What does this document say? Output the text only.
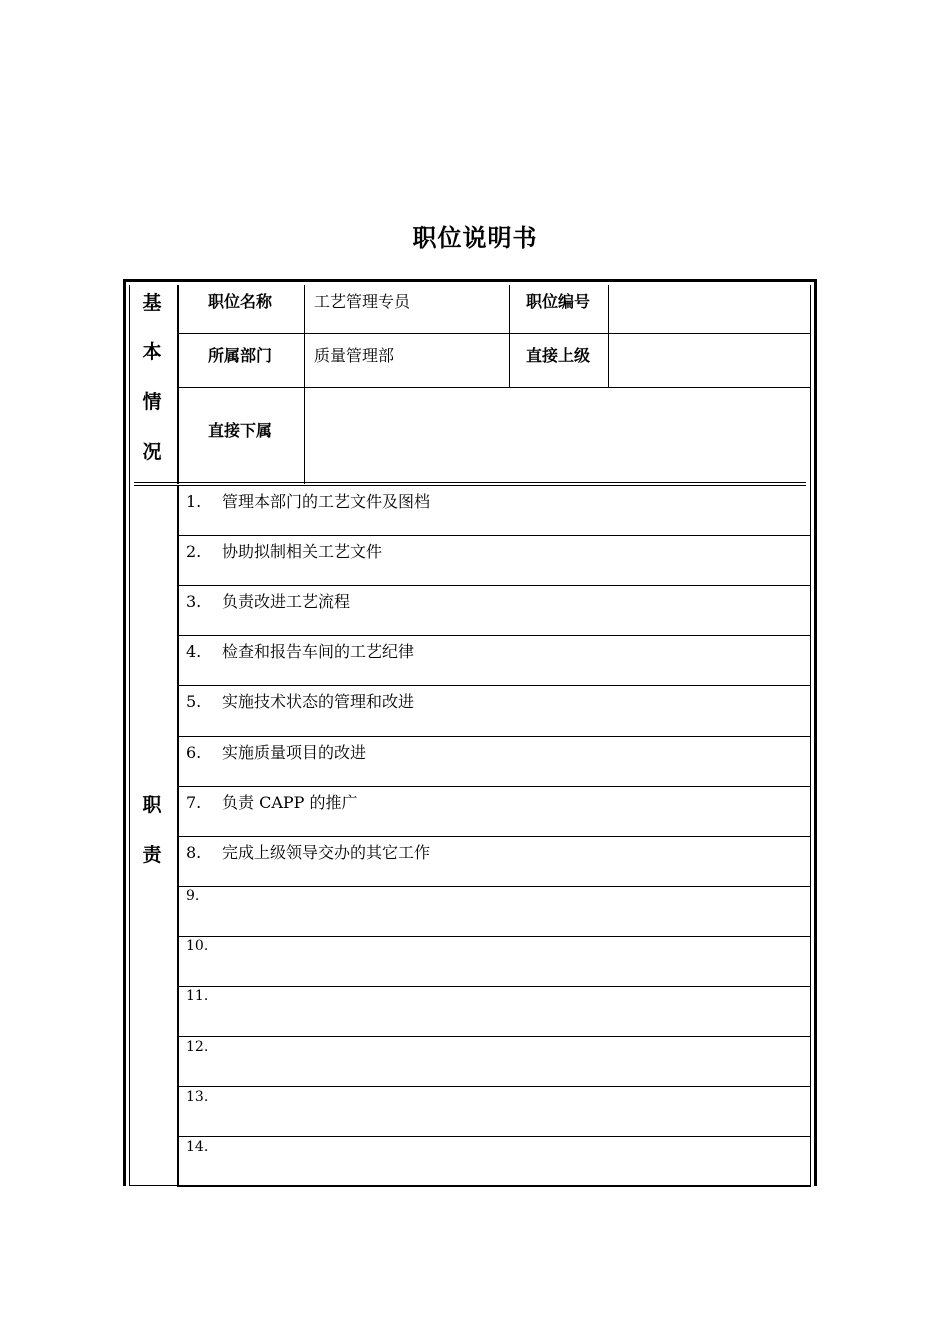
职位说明书
基
本
情
况
职位名称	工艺管理专员	职位编号
所属部门	质量管理部	直接上级
直接下属
职
责
1. 管理本部门的工艺文件及图档
2. 协助拟制相关工艺文件
3. 负责改进工艺流程
4. 检查和报告车间的工艺纪律
5. 实施技术状态的管理和改进
6. 实施质量项目的改进
7. 负责 CAPP 的推广
8. 完成上级领导交办的其它工作
9.
10.
11.
12.
13.
14.
